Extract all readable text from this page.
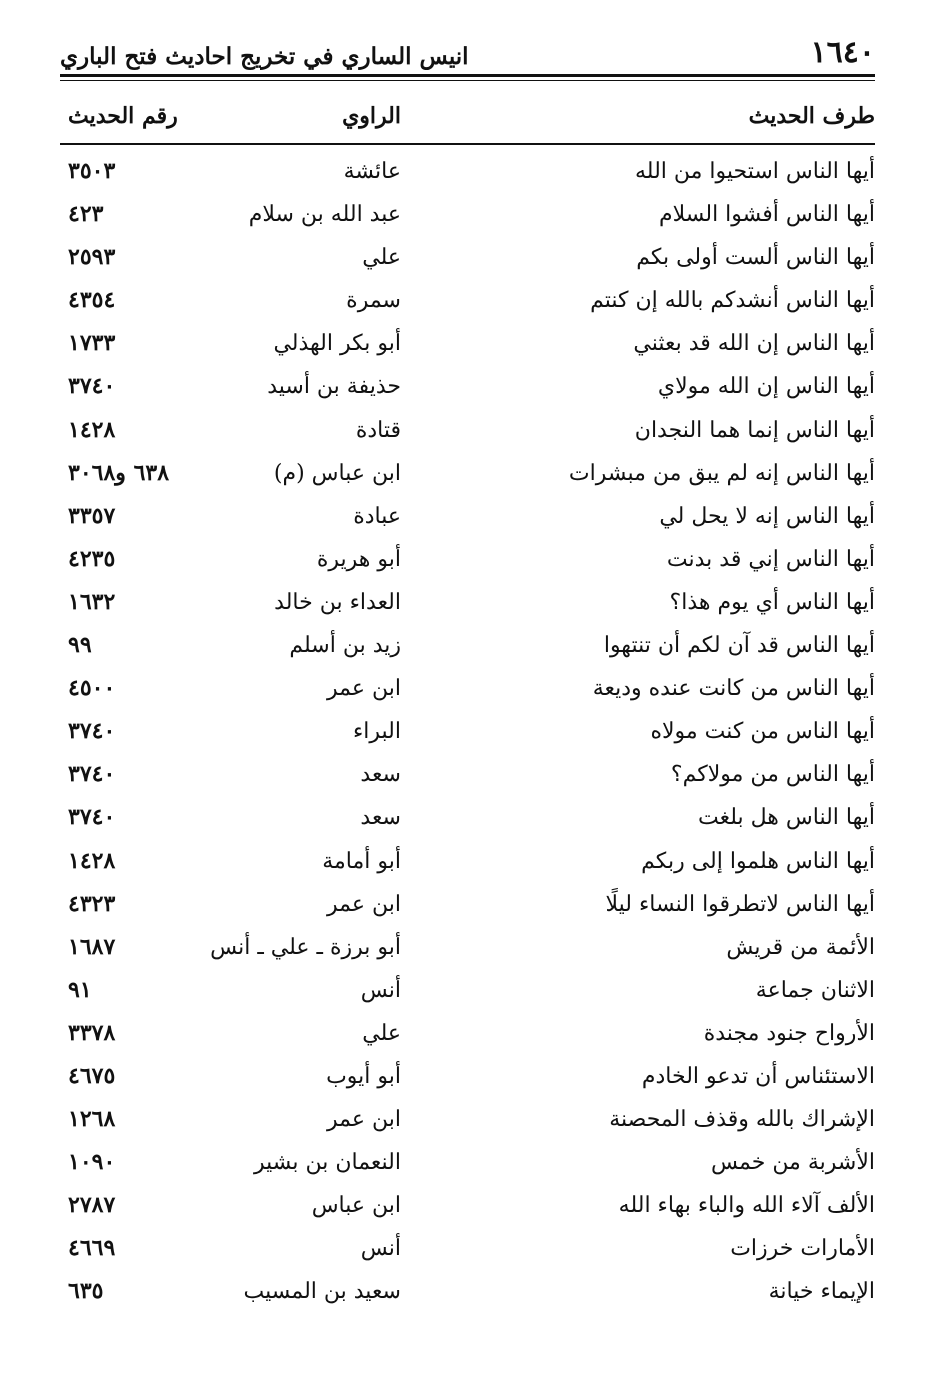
١٦٤٠
انيس الساري في تخريج احاديث فتح الباري
طرف الحديث
الراوي
رقم الحديث
أيها الناس استحيوا من الله
عائشة
٣٥٠٣
أيها الناس أفشوا السلام
عبد الله بن سلام
٤٢٣
أيها الناس ألست أولى بكم
علي
٢٥٩٣
أيها الناس أنشدكم بالله إن كنتم
سمرة
٤٣٥٤
أيها الناس إن الله قد بعثني
أبو بكر الهذلي
١٧٣٣
أيها الناس إن الله مولاي
حذيفة بن أسيد
٣٧٤٠
أيها الناس إنما هما النجدان
قتادة
١٤٢٨
أيها الناس إنه لم يبق من مبشرات
ابن عباس (م)
٦٣٨ و٣٠٦٨
أيها الناس إنه لا يحل لي
عبادة
٣٣٥٧
أيها الناس إني قد بدنت
أبو هريرة
٤٢٣٥
أيها الناس أي يوم هذا؟
العداء بن خالد
١٦٣٢
أيها الناس قد آن لكم أن تنتهوا
زيد بن أسلم
٩٩
أيها الناس من كانت عنده وديعة
ابن عمر
٤٥٠٠
أيها الناس من كنت مولاه
البراء
٣٧٤٠
أيها الناس من مولاكم؟
سعد
٣٧٤٠
أيها الناس هل بلغت
سعد
٣٧٤٠
أيها الناس هلموا إلى ربكم
أبو أمامة
١٤٢٨
أيها الناس لاتطرقوا النساء ليلًا
ابن عمر
٤٣٢٣
الأئمة من قريش
أبو برزة ـ علي ـ أنس
١٦٨٧
الاثنان جماعة
أنس
٩١
الأرواح جنود مجندة
علي
٣٣٧٨
الاستئناس أن تدعو الخادم
أبو أيوب
٤٦٧٥
الإشراك بالله وقذف المحصنة
ابن عمر
١٢٦٨
الأشربة من خمس
النعمان بن بشير
١٠٩٠
الألف آلاء الله والباء بهاء الله
ابن عباس
٢٧٨٧
الأمارات خرزات
أنس
٤٦٦٩
الإيماء خيانة
سعيد بن المسيب
٦٣٥
